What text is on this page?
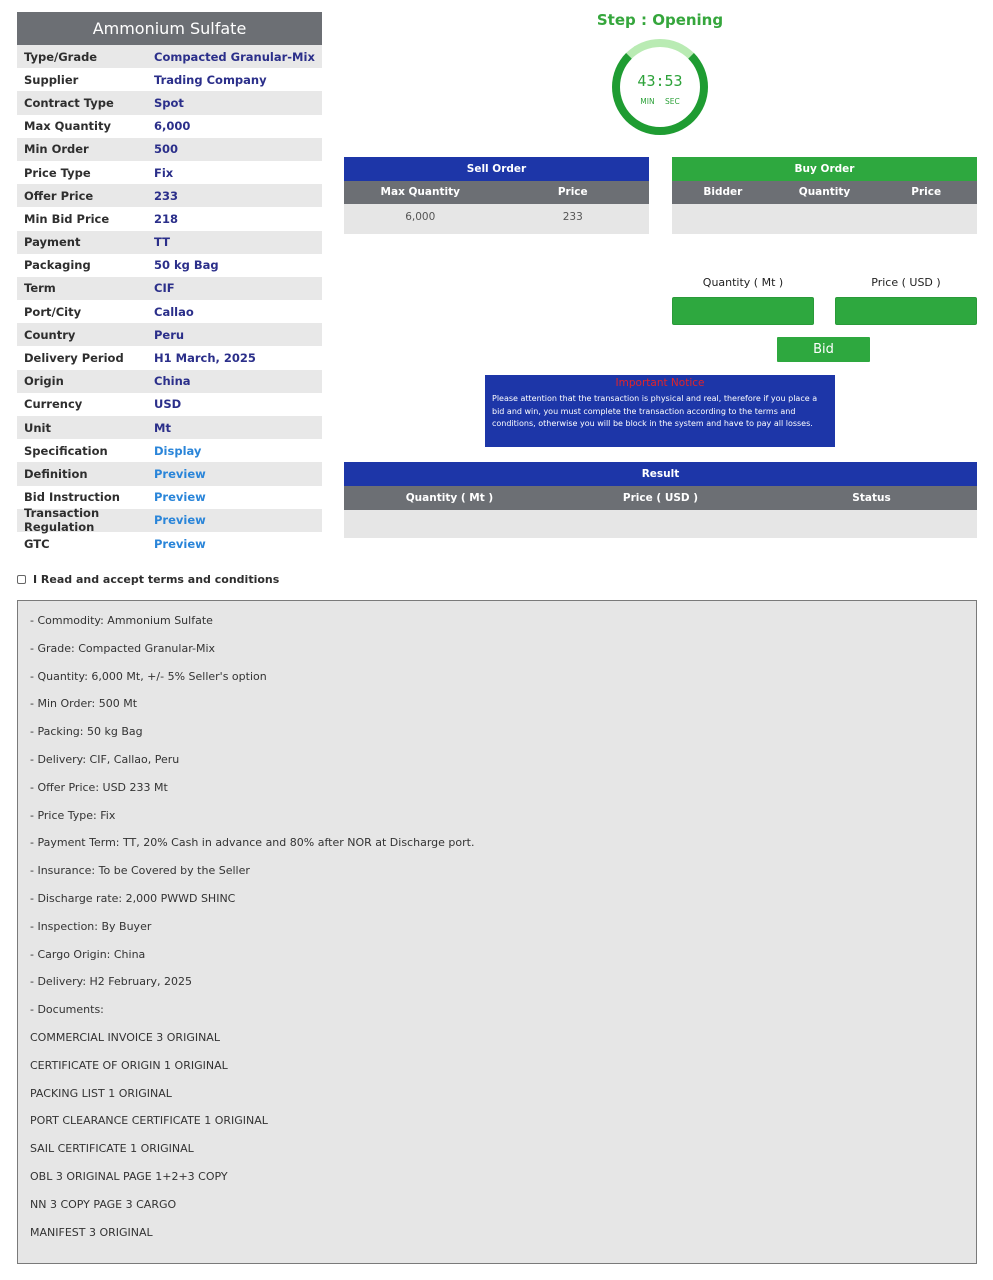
Ammonium Sulfate
Type/Grade	Compacted Granular-Mix
Supplier	Trading Company
Contract Type	Spot
Max Quantity	6,000
Min Order	500
Price Type	Fix
Offer Price	233
Min Bid Price	218
Payment	TT
Packaging	50 kg Bag
Term	CIF
Port/City	Callao
Country	Peru
Delivery Period	H1 March, 2025
Origin	China
Currency	USD
Unit	Mt
Specification	Display
Definition	Preview
Bid Instruction	Preview
Transaction Regulation	Preview
GTC	Preview
Step : Opening
43:53
MIN SEC
Sell Order
Max Quantity	Price
6,000	233
Buy Order
Bidder	Quantity	Price
Quantity ( Mt )	Price ( USD )
Bid
Important Notice
Please attention that the transaction is physical and real, therefore if you place a bid and win, you must complete the transaction according to the terms and conditions, otherwise you will be block in the system and have to pay all losses.
Result
Quantity ( Mt )	Price ( USD )	Status
I Read and accept terms and conditions
- Commodity: Ammonium Sulfate
- Grade: Compacted Granular-Mix
- Quantity: 6,000 Mt, +/- 5% Seller's option
- Min Order: 500 Mt
- Packing: 50 kg Bag
- Delivery: CIF, Callao, Peru
- Offer Price: USD 233 Mt
- Price Type: Fix
- Payment Term: TT, 20% Cash in advance and 80% after NOR at Discharge port.
- Insurance: To be Covered by the Seller
- Discharge rate: 2,000 PWWD SHINC
- Inspection: By Buyer
- Cargo Origin: China
- Delivery: H2 February, 2025
- Documents:
COMMERCIAL INVOICE 3 ORIGINAL
CERTIFICATE OF ORIGIN 1 ORIGINAL
PACKING LIST 1 ORIGINAL
PORT CLEARANCE CERTIFICATE 1 ORIGINAL
SAIL CERTIFICATE 1 ORIGINAL
OBL 3 ORIGINAL PAGE 1+2+3 COPY
NN 3 COPY PAGE 3 CARGO
MANIFEST 3 ORIGINAL
